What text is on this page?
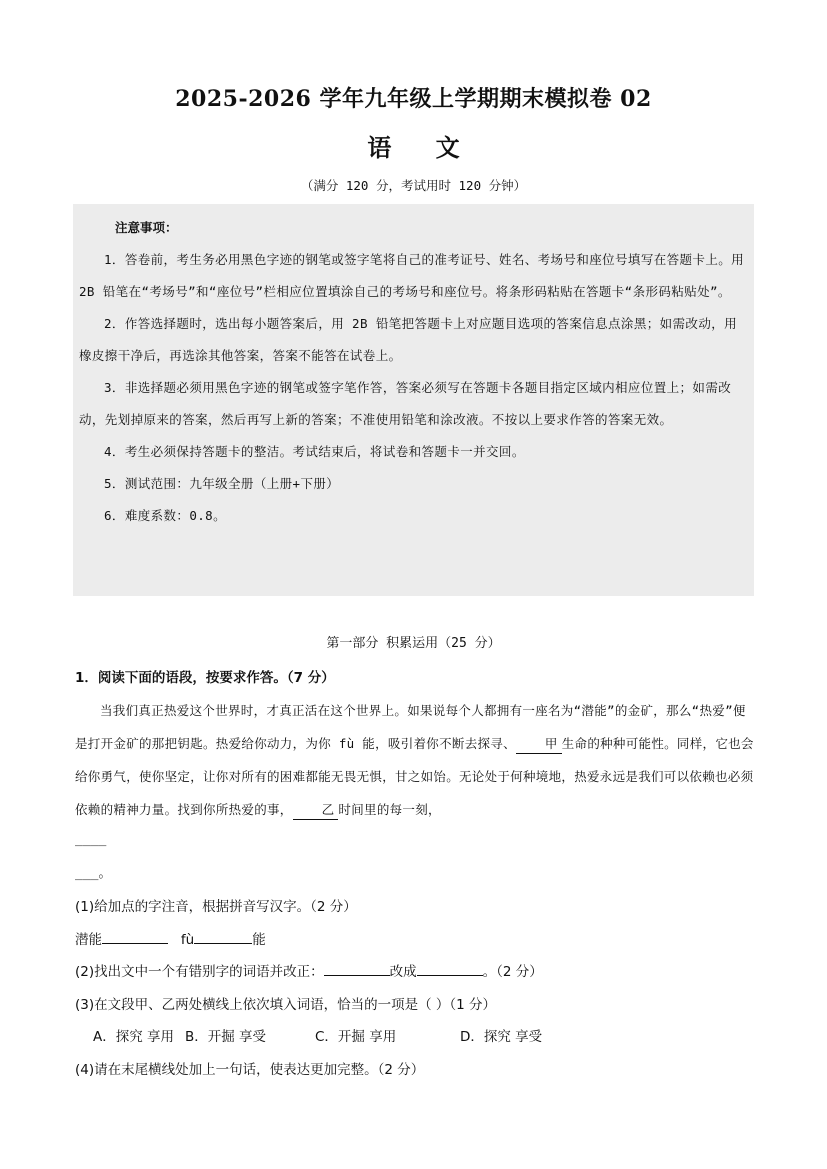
2025-2026 学年九年级上学期期末模拟卷 02
语 文
（满分 120 分，考试用时 120 分钟）
注意事项：

1．答卷前，考生务必用黑色字迹的钢笔或签字笔将自己的准考证号、姓名、考场号和座位号填写在答题卡上。用 2B 铅笔在“考场号”和“座位号”栏相应位置填涂自己的考场号和座位号。将条形码粘贴在答题卡“条形码粘贴处”。

2．作答选择题时，选出每小题答案后，用 2B 铅笔把答题卡上对应题目选项的答案信息点涂黑；如需改动，用橡皮擦干净后，再选涂其他答案，答案不能答在试卷上。

3．非选择题必须用黑色字迹的钢笔或签字笔作答，答案必须写在答题卡各题目指定区域内相应位置上；如需改动，先划掉原来的答案，然后再写上新的答案；不准使用铅笔和涂改液。不按以上要求作答的答案无效。

4．考生必须保持答题卡的整洁。考试结束后，将试卷和答题卡一并交回。

5．测试范围：九年级全册（上册+下册）

6．难度系数：0.8。

第一部分 积累运用（25 分）
1．阅读下面的语段，按要求作答。（7 分）

当我们真正热爱这个世界时，才真正活在这个世界上。如果说每个人都拥有一座名为“潜能”的金矿，那么“热爱”便是打开金矿的那把钥匙。热爱给你动力，为你 fù 能，吸引着你不断去探寻、 甲 生命的种种可能性。同样，它也会给你勇气，使你坚定，让你对所有的困难都能无畏无惧，甘之如饴。无论处于何种境地，热爱永远是我们可以依赖也必须依赖的精神力量。找到你所热爱的事， 乙 时间里的每一刻，

____
___。
(1)给加点的字注音，根据拼音写汉字。（2 分）
潜能	fù	能
(2)找出文中一个有错别字的词语并改正：	改成	。（2 分）
(3)在文段甲、乙两处横线上依次填入词语，恰当的一项是（ ）（1 分）
A．探究 享用 B．开掘 享受	C．开掘 享用	D．探究 享受
(4)请在末尾横线处加上一句话，使表达更加完整。（2 分）
